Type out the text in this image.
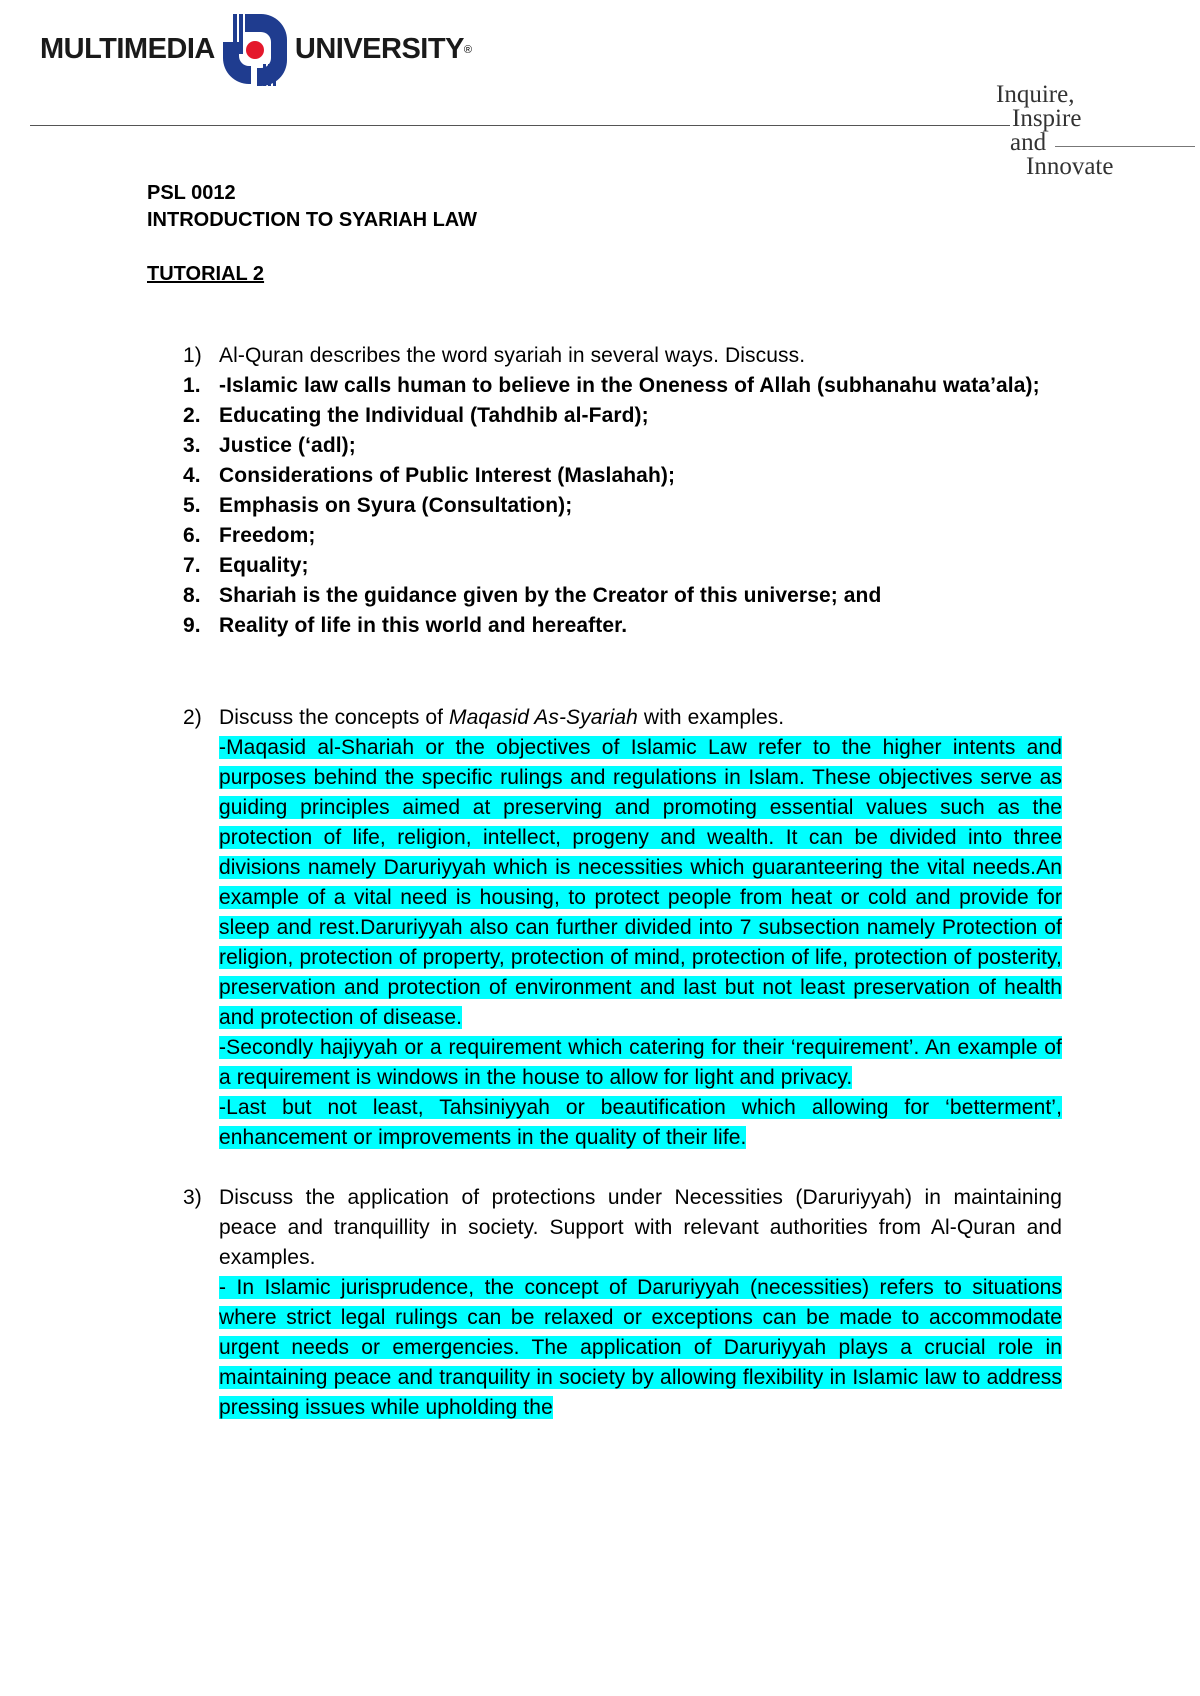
MULTIMEDIA	UNIVERSITY ®
Inquire,
Inspire
and
Innovate
PSL 0012
INTRODUCTION TO SYARIAH LAW
TUTORIAL 2
1) Al-Quran describes the word syariah in several ways. Discuss.
1. -Islamic law calls human to believe in the Oneness of Allah (subhanahu wata’ala);
2. Educating the Individual (Tahdhib al-Fard);
3. Justice (‘adl);
4. Considerations of Public Interest (Maslahah);
5. Emphasis on Syura (Consultation);
6. Freedom;
7. Equality;
8. Shariah is the guidance given by the Creator of this universe; and
9. Reality of life in this world and hereafter.
2) Discuss the concepts of Maqasid As-Syariah with examples.
-Maqasid al-Shariah or the objectives of Islamic Law refer to the higher intents and purposes behind the specific rulings and regulations in Islam. These objectives serve as guiding principles aimed at preserving and promoting essential values such as the protection of life, religion, intellect, progeny and wealth. It can be divided into three divisions namely Daruriyyah which is necessities which guaranteering the vital needs.An example of a vital need is housing, to protect people from heat or cold and provide for sleep and rest.Daruriyyah also can further divided into 7 subsection namely Protection of religion, protection of property, protection of mind, protection of life, protection of posterity, preservation and protection of environment and last but not least preservation of health and protection of disease.
-Secondly hajiyyah or a requirement which catering for their ‘requirement’. An example of a requirement is windows in the house to allow for light and privacy.
-Last but not least, Tahsiniyyah or beautification which allowing for ‘betterment’, enhancement or improvements in the quality of their life.
3) Discuss the application of protections under Necessities (Daruriyyah) in maintaining peace and tranquillity in society. Support with relevant authorities from Al-Quran and examples.
- In Islamic jurisprudence, the concept of Daruriyyah (necessities) refers to situations where strict legal rulings can be relaxed or exceptions can be made to accommodate urgent needs or emergencies. The application of Daruriyyah plays a crucial role in maintaining peace and tranquility in society by allowing flexibility in Islamic law to address pressing issues while upholding the
